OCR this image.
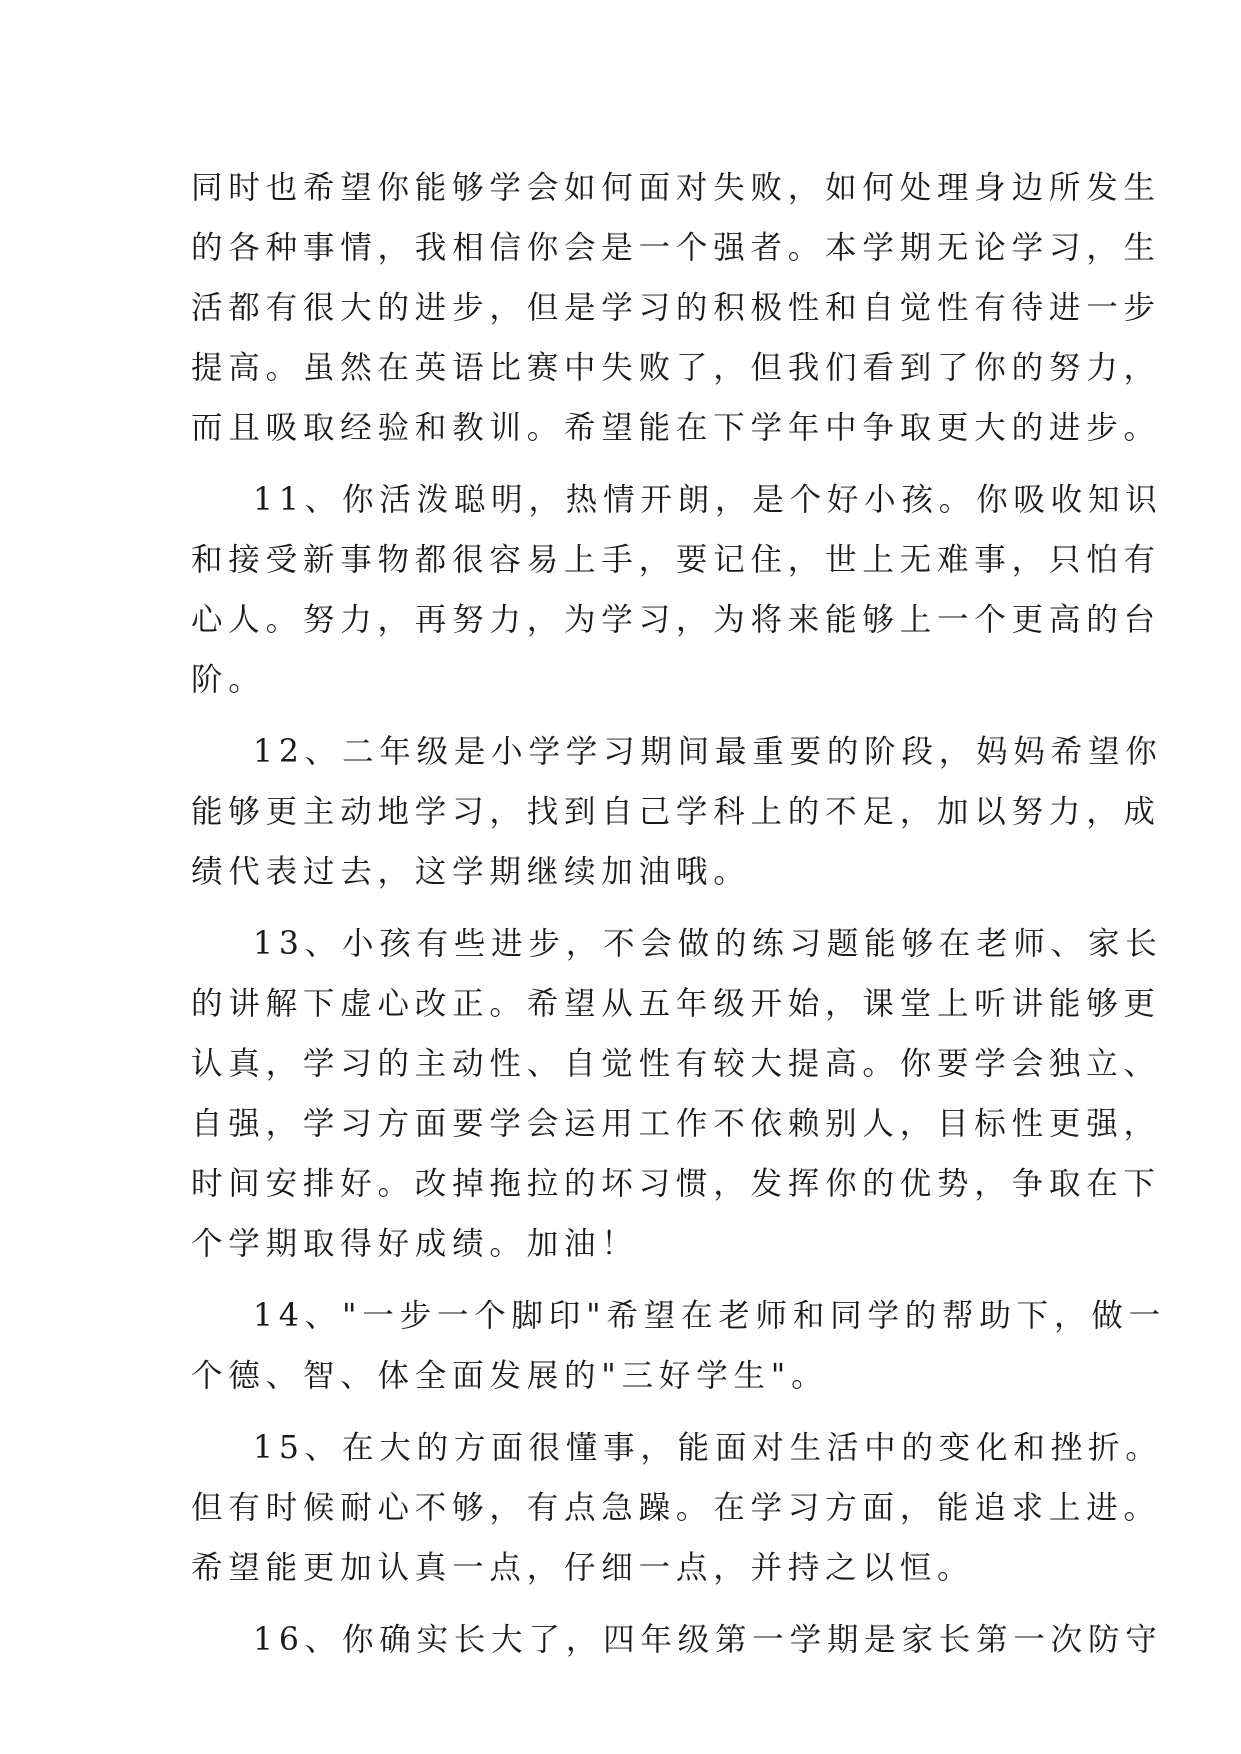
同时也希望你能够学会如何面对失败，如何处理身边所发生
的各种事情，我相信你会是一个强者。本学期无论学习，生
活都有很大的进步，但是学习的积极性和自觉性有待进一步
提高。虽然在英语比赛中失败了，但我们看到了你的努力，
而且吸取经验和教训。希望能在下学年中争取更大的进步。
11、你活泼聪明，热情开朗，是个好小孩。你吸收知识
和接受新事物都很容易上手，要记住，世上无难事，只怕有
心人。努力，再努力，为学习，为将来能够上一个更高的台
阶。
12、二年级是小学学习期间最重要的阶段，妈妈希望你
能够更主动地学习，找到自己学科上的不足，加以努力，成
绩代表过去，这学期继续加油哦。
13、小孩有些进步，不会做的练习题能够在老师、家长
的讲解下虚心改正。希望从五年级开始，课堂上听讲能够更
认真，学习的主动性、自觉性有较大提高。你要学会独立、
自强，学习方面要学会运用工作不依赖别人，目标性更强，
时间安排好。改掉拖拉的坏习惯，发挥你的优势，争取在下
个学期取得好成绩。加油！
14、"一步一个脚印"希望在老师和同学的帮助下，做一
个德、智、体全面发展的"三好学生"。
15、在大的方面很懂事，能面对生活中的变化和挫折。
但有时候耐心不够，有点急躁。在学习方面，能追求上进。
希望能更加认真一点，仔细一点，并持之以恒。
16、你确实长大了，四年级第一学期是家长第一次防守
